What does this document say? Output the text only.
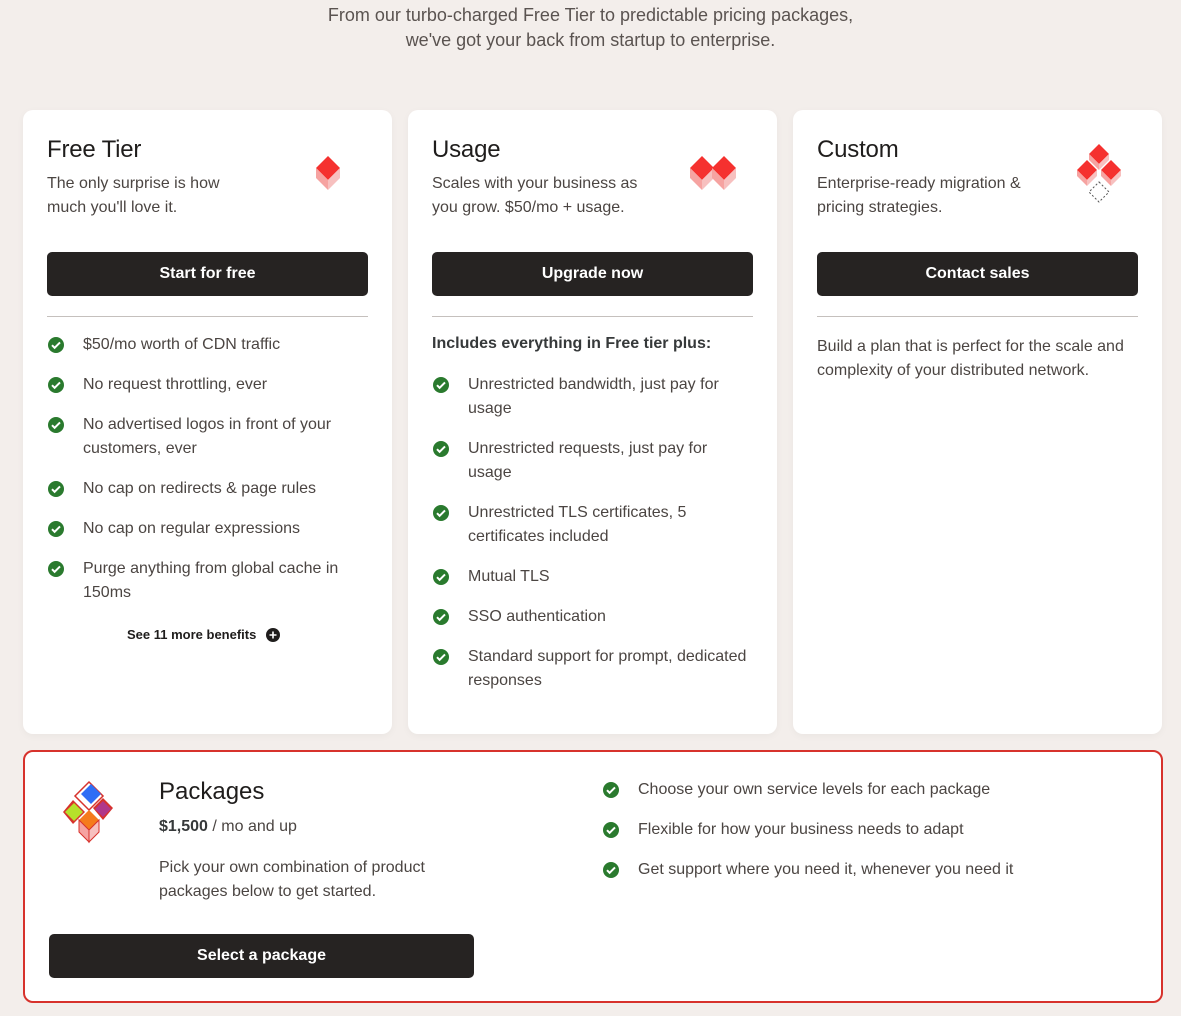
From our turbo-charged Free Tier to predictable pricing packages,
we've got your back from startup to enterprise.
Free Tier
The only surprise is how much you'll love it.
Start for free
$50/mo worth of CDN traffic
No request throttling, ever
No advertised logos in front of your customers, ever
No cap on redirects & page rules
No cap on regular expressions
Purge anything from global cache in 150ms
See 11 more benefits
Usage
Scales with your business as you grow. $50/mo + usage.
Upgrade now
Includes everything in Free tier plus:
Unrestricted bandwidth, just pay for usage
Unrestricted requests, just pay for usage
Unrestricted TLS certificates, 5 certificates included
Mutual TLS
SSO authentication
Standard support for prompt, dedicated responses
Custom
Enterprise-ready migration & pricing strategies.
Contact sales
Build a plan that is perfect for the scale and complexity of your distributed network.
Packages
$1,500 / mo and up
Pick your own combination of product packages below to get started.
Select a package
Choose your own service levels for each package
Flexible for how your business needs to adapt
Get support where you need it, whenever you need it
